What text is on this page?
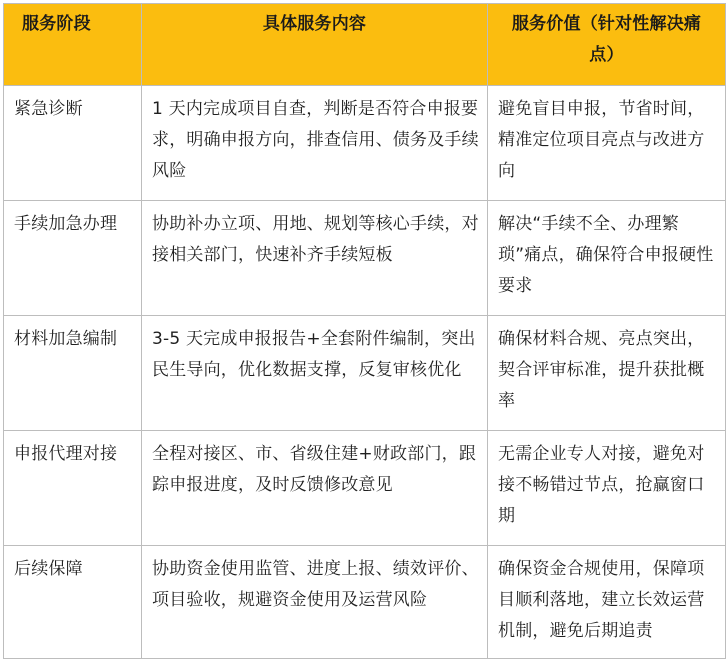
服务阶段	具体服务内容	服务价值（针对性解决痛点）
紧急诊断	1 天内完成项目自查，判断是否符合申报要求，明确申报方向，排查信用、债务及手续风险	避免盲目申报，节省时间，精准定位项目亮点与改进方向
手续加急办理	协助补办立项、用地、规划等核心手续，对接相关部门，快速补齐手续短板	解决“手续不全、办理繁琐”痛点，确保符合申报硬性要求
材料加急编制	3-5 天完成申报报告+全套附件编制，突出民生导向，优化数据支撑，反复审核优化	确保材料合规、亮点突出，契合评审标准，提升获批概率
申报代理对接	全程对接区、市、省级住建+财政部门，跟踪申报进度，及时反馈修改意见	无需企业专人对接，避免对接不畅错过节点，抢赢窗口期
后续保障	协助资金使用监管、进度上报、绩效评价、项目验收，规避资金使用及运营风险	确保资金合规使用，保障项目顺利落地，建立长效运营机制，避免后期追责
